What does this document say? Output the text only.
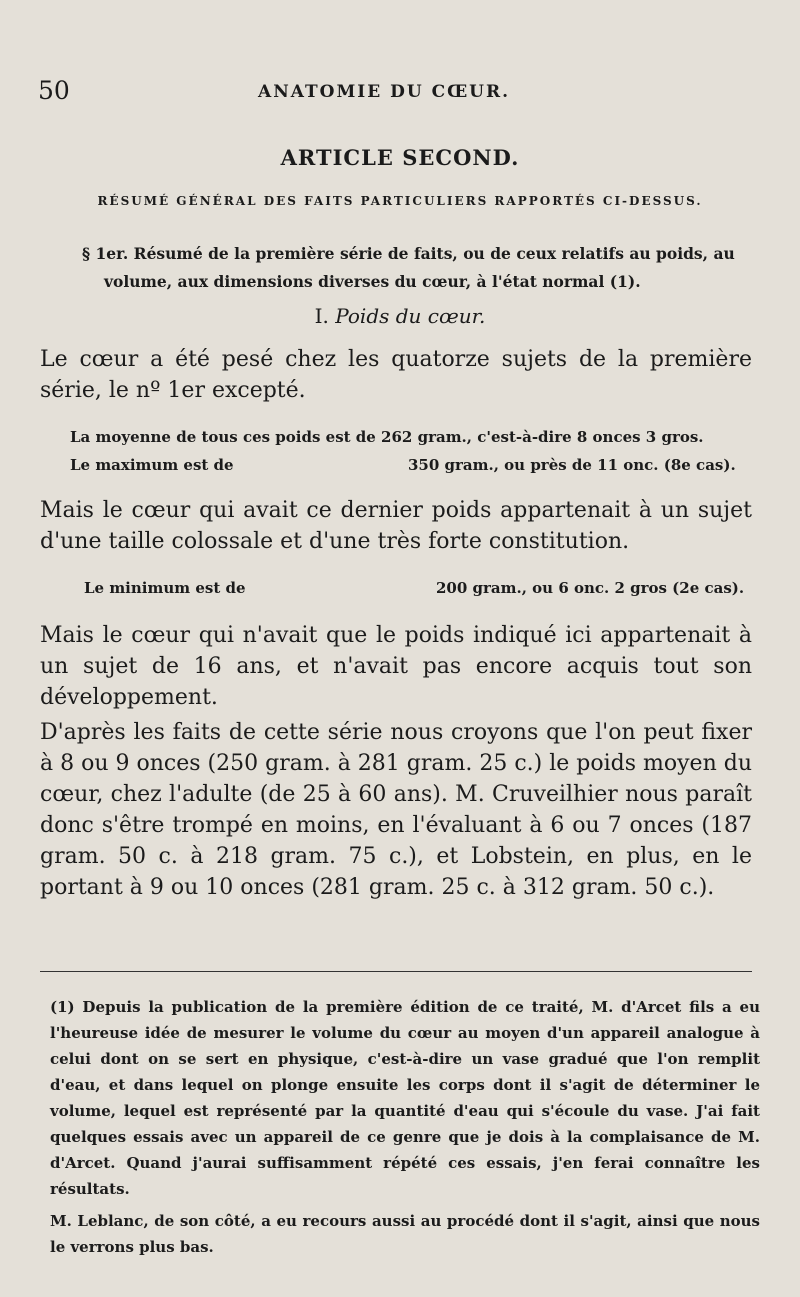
50	ANATOMIE DU CŒUR.
ARTICLE SECOND.
RÉSUMÉ GÉNÉRAL DES FAITS PARTICULIERS RAPPORTÉS CI-DESSUS.
§ 1er. Résumé de la première série de faits, ou de ceux relatifs au poids, au volume, aux dimensions diverses du cœur, à l'état normal (1).
I. Poids du cœur.
Le cœur a été pesé chez les quatorze sujets de la première série, le nº 1er excepté.
La moyenne de tous ces poids est de 262 gram., c'est-à-dire 8 onces 3 gros.
Le maximum est de	350 gram., ou près de 11 onc. (8e cas).
Mais le cœur qui avait ce dernier poids appartenait à un sujet d'une taille colossale et d'une très forte constitution.
Le minimum est de	200 gram., ou 6 onc. 2 gros (2e cas).
Mais le cœur qui n'avait que le poids indiqué ici appartenait à un sujet de 16 ans, et n'avait pas encore acquis tout son développement.
D'après les faits de cette série nous croyons que l'on peut fixer à 8 ou 9 onces (250 gram. à 281 gram. 25 c.) le poids moyen du cœur, chez l'adulte (de 25 à 60 ans). M. Cruveilhier nous paraît donc s'être trompé en moins, en l'évaluant à 6 ou 7 onces (187 gram. 50 c. à 218 gram. 75 c.), et Lobstein, en plus, en le portant à 9 ou 10 onces (281 gram. 25 c. à 312 gram. 50 c.).
(1) Depuis la publication de la première édition de ce traité, M. d'Arcet fils a eu l'heureuse idée de mesurer le volume du cœur au moyen d'un appareil analogue à celui dont on se sert en physique, c'est-à-dire un vase gradué que l'on remplit d'eau, et dans lequel on plonge ensuite les corps dont il s'agit de déterminer le volume, lequel est représenté par la quantité d'eau qui s'écoule du vase. J'ai fait quelques essais avec un appareil de ce genre que je dois à la complaisance de M. d'Arcet. Quand j'aurai suffisamment répété ces essais, j'en ferai connaître les résultats.
M. Leblanc, de son côté, a eu recours aussi au procédé dont il s'agit, ainsi que nous le verrons plus bas.
